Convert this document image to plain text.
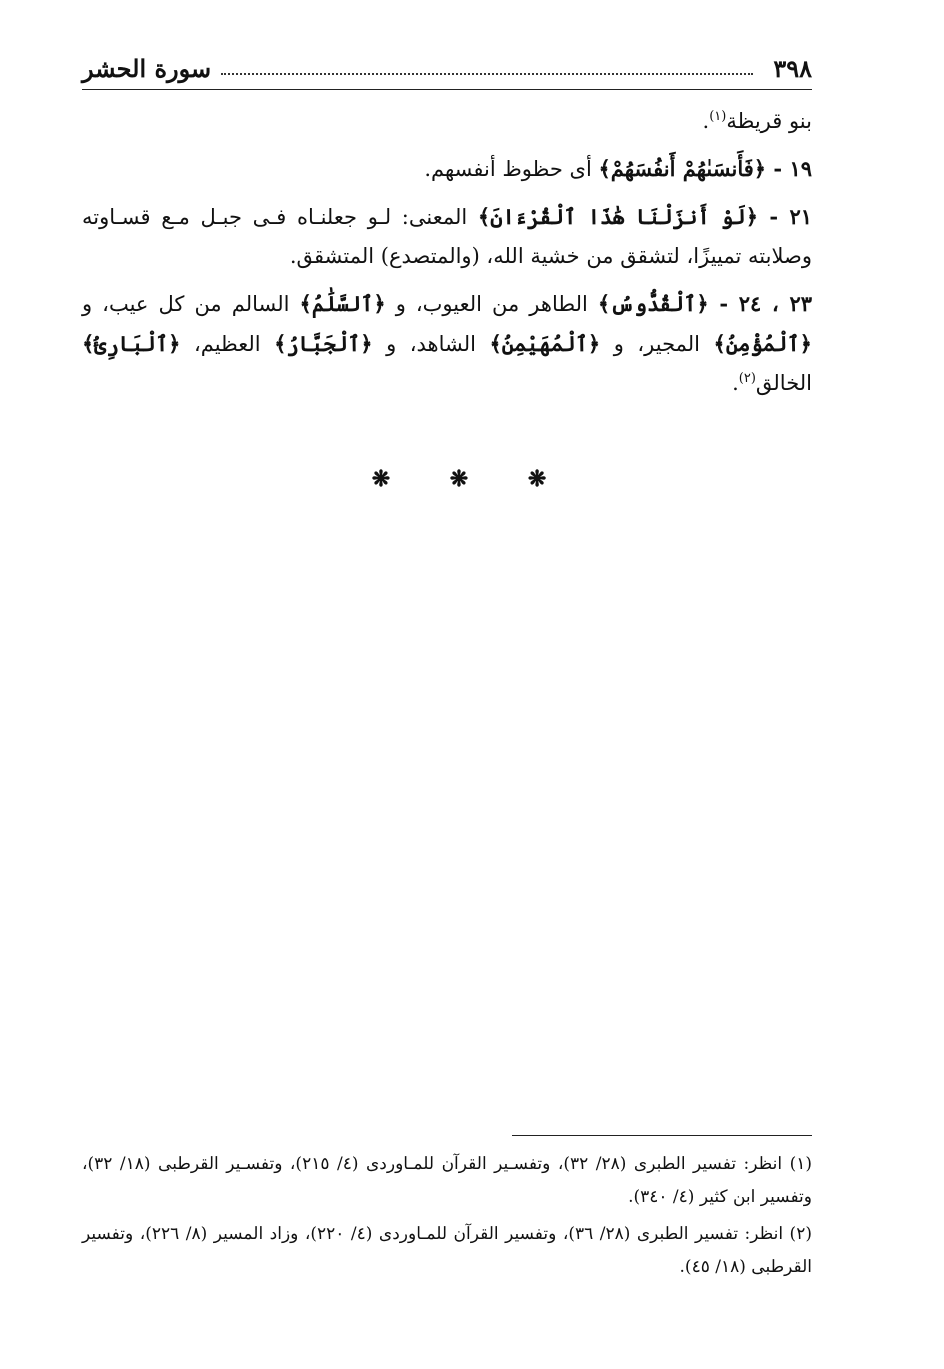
٣٩٨
سورة الحشر

بنو قريظة$^{(١)}$.

١٩ - ﴿فَأَنسَىٰهُمْ أَنفُسَهُمْ﴾ أى حظوظ أنفسهم.

٢١ - ﴿لَوْ أَنزَلْنَا هَٰذَا ٱلْقُرْءَانَ﴾ المعنى: لـو جعلنـاه فـى جبـل مـع قسـاوته وصلابته تمييزًا، لتشقق من خشية الله، (والمتصدع) المتشقق.

٢٣ ، ٢٤ - ﴿ٱلْقُدُّوسُ﴾ الطاهر من العيوب، و ﴿ٱلسَّلَٰمُ﴾ السالم من كل عيب، و ﴿ٱلْمُؤْمِنُ﴾ المجير، و ﴿ٱلْمُهَيْمِنُ﴾ الشاهد، و ﴿ٱلْجَبَّارُ﴾ العظيم، ﴿ٱلْبَارِئُ﴾ الخالق$^{(٢)}$.

❋ ❋ ❋
(١) انظر: تفسير الطبرى (٢٨/ ٣٢)، وتفسـير القرآن للمـاوردى (٤/ ٢١٥)، وتفسـير القرطبى (١٨/ ٣٢)، وتفسير ابن كثير (٤/ ٣٤٠).
(٢) انظر: تفسير الطبرى (٢٨/ ٣٦)، وتفسير القرآن للمـاوردى (٤/ ٢٢٠)، وزاد المسير (٨/ ٢٢٦)، وتفسير القرطبى (١٨/ ٤٥).
